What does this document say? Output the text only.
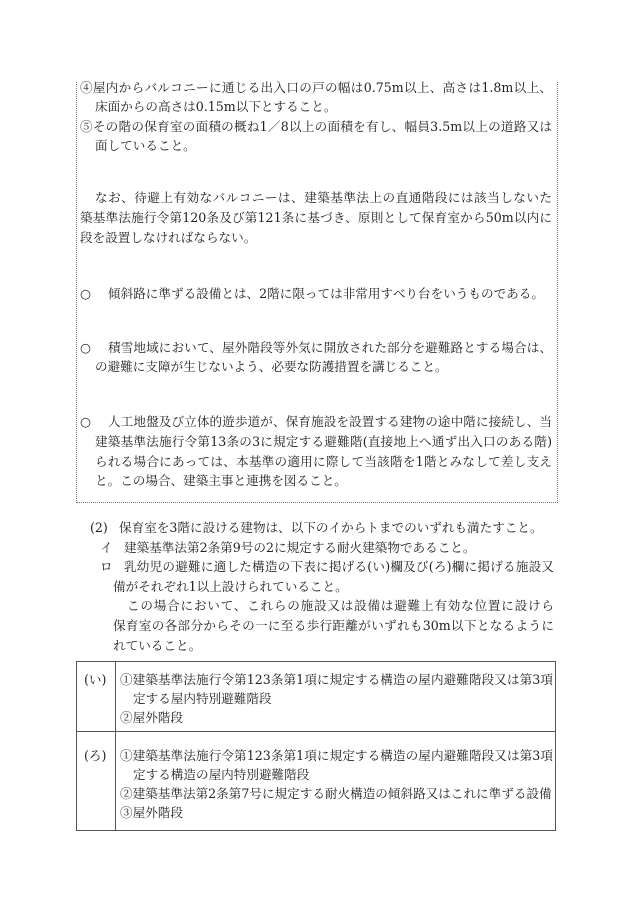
④屋内からバルコニーに通じる出入口の戸の幅は0.75m以上、高さは1.8m以上、
床面からの高さは0.15m以下とすること。
⑤その階の保育室の面積の概ね1／8以上の面積を有し、幅員3.5m以上の道路又は
面していること。
なお、待避上有効なバルコニーは、建築基準法上の直通階段には該当しないた
築基準法施行令第120条及び第121条に基づき、原則として保育室から50m以内に
段を設置しなければならない。
○	傾斜路に準ずる設備とは、2階に限っては非常用すべり台をいうものである。
○	積雪地域において、屋外階段等外気に開放された部分を避難路とする場合は、
の避難に支障が生じないよう、必要な防護措置を講じること。
○	人工地盤及び立体的遊歩道が、保育施設を設置する建物の途中階に接続し、当
建築基準法施行令第13条の3に規定する避難階(直接地上へ通ず出入口のある階)
られる場合にあっては、本基準の適用に際して当該階を1階とみなして差し支え
と。この場合、建築主事と連携を図ること。
(2) 保育室を3階に設ける建物は、以下のイからトまでのいずれも満たすこと。
イ 建築基準法第2条第9号の2に規定する耐火建築物であること。
ロ 乳幼児の避難に適した構造の下表に掲げる(い)欄及び(ろ)欄に掲げる施設又
備がそれぞれ1以上設けられていること。
この場合において、これらの施設又は設備は避難上有効な位置に設けら
保育室の各部分からその一に至る歩行距離がいずれも30m以下となるように
れていること。
(い)	①建築基準法施行令第123条第1項に規定する構造の屋内避難階段又は第3項
定する屋内特別避難階段
②屋外階段
(ろ)	①建築基準法施行令第123条第1項に規定する構造の屋内避難階段又は第3項
定する構造の屋内特別避難階段
②建築基準法第2条第7号に規定する耐火構造の傾斜路又はこれに準ずる設備
③屋外階段
